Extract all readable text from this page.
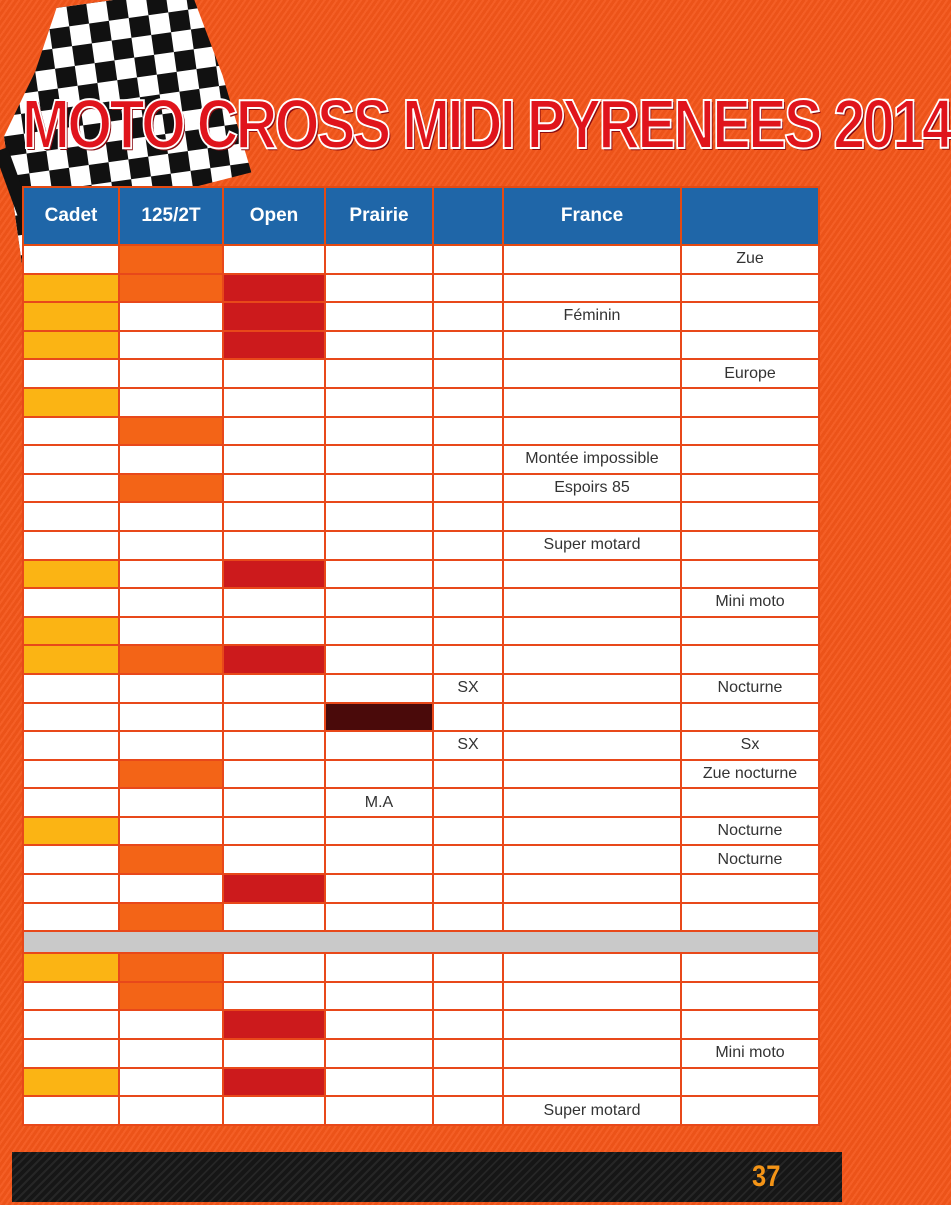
MOTO CROSS MIDI PYRENEES 2014
Cadet	125/2T	Open	Prairie		France	
						Zue

					Féminin	

						Europe

					Montée impossible	
					Espoirs 85	

					Super motard	

						Mini moto

				SX		Nocturne

				SX		Sx
						Zue nocturne
			M.A			
						Nocturne
						Nocturne

						Mini moto

					Super motard	
37
